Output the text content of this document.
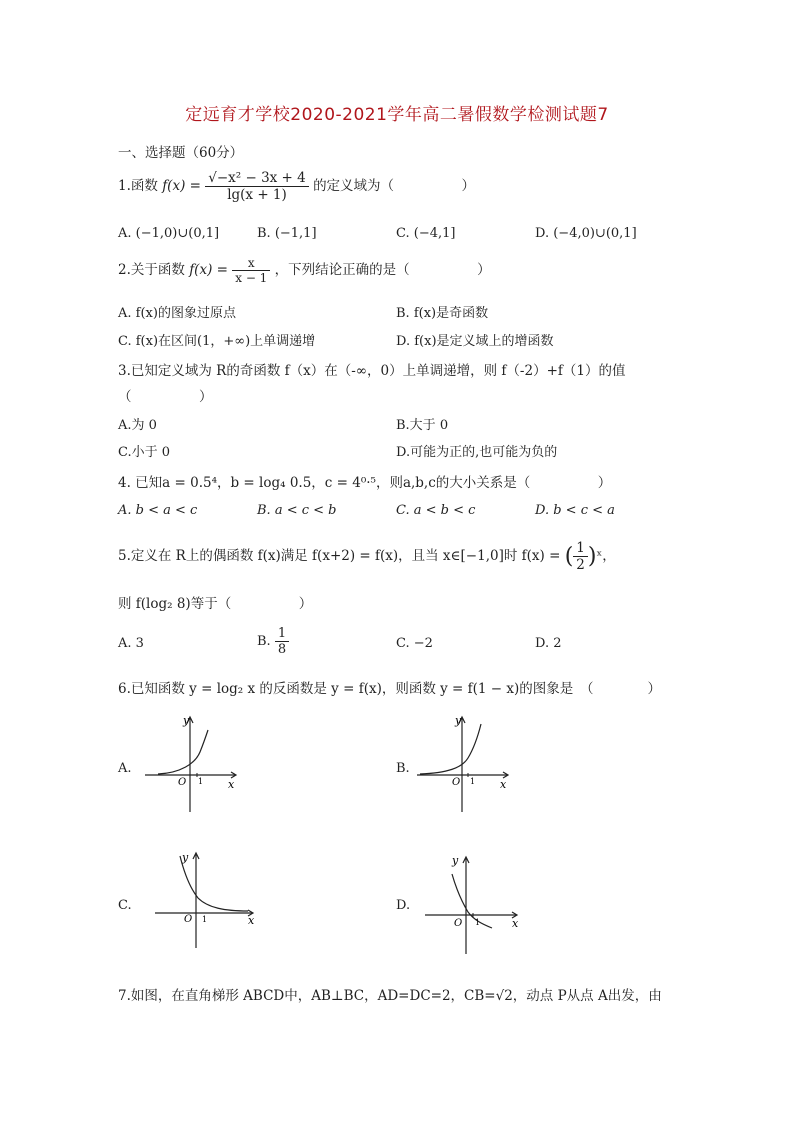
定远育才学校2020-2021学年高二暑假数学检测试题7
一、选择题（60分）
1.函数 $f(x) = \frac{\text{√−x² − 3x + 4}}{\lg(x + 1)}$ 的定义域为（　　　　　）
A. (−1,0)∪(0,1]	B. (−1,1]	C. (−4,1]	D. (−4,0)∪(0,1]
2.关于函数 $f(x) = \frac{x}{x - 1}$ ，下列结论正确的是（　　　　　）
A. f(x)的图象过原点	B. f(x)是奇函数
C. f(x)在区间(1，+∞)上单调递增	D. f(x)是定义域上的增函数
3.已知定义域为 R的奇函数 f（x）在（-∞，0）上单调递增，则 f（-2）+f（1）的值
（　　　　　）
A.为 0	B.大于 0
C.小于 0	D.可能为正的,也可能为负的
4. 已知a = 0.5⁴，b = log₄ 0.5，c = 4⁰·⁵，则a,b,c的大小关系是（　　　　　）
A. b < a < c	B. a < c < b	C. a < b < c	D. b < c < a
5.定义在 R上的偶函数 f(x)满足 f(x+2) = f(x)，且当 x∈[−1,0]时 f(x) = ( $\frac{1}{2}$ )ˣ，
则 f(log₂ 8)等于（　　　　　）
A. 3	B. $\frac{1}{8}$	C. −2	D. 2
6.已知函数 y = log₂ x 的反函数是 y = f(x)，则函数 y = f(1 − x)的图象是　（　　　　）
A.
y
x
O 1
B.
y
x
O 1
C.
y
x
O 1
D.
y
x
O 1
7.如图，在直角梯形 ABCD中，AB⊥BC，AD=DC=2，CB=√2，动点 P从点 A出发，由
